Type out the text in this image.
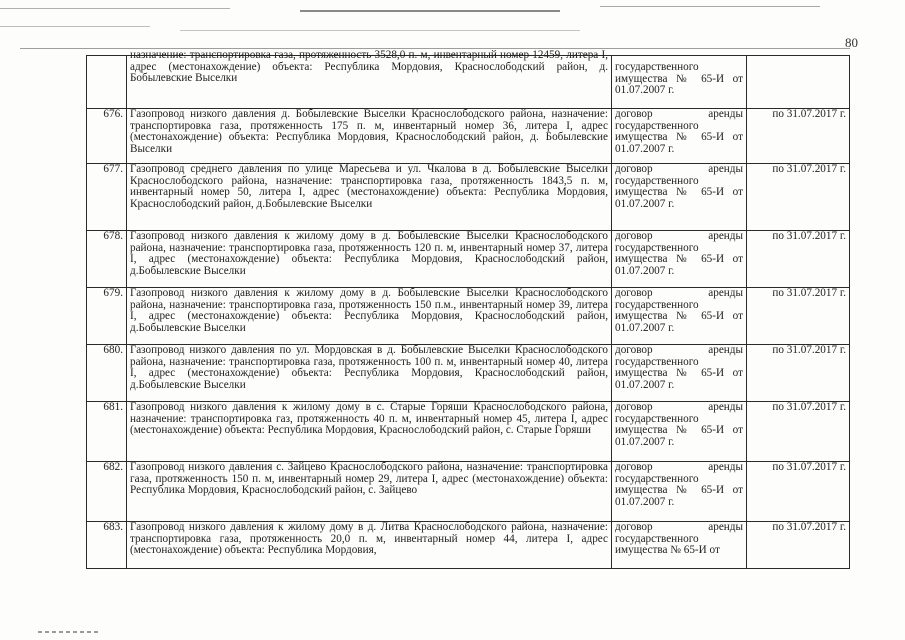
80

	назначение: транспортировка газа, протяженность 3528,0 п. м, инвентарный номер 12459, литера I, адрес (местонахождение) объекта: Республика Мордовия, Краснослободский район, д. Бобылевские Выселки	государственного имущества № 65-И от 01.07.2007 г.	

676.	Газопровод низкого давления д. Бобылевские Выселки Краснослободского района, назначение: транспортировка газа, протяженность 175 п. м, инвентарный номер 36, литера I, адрес (местонахождение) объекта: Республика Мордовия, Краснослободский район, д. Бобылевские Выселки	договор аренды государственного имущества № 65-И от 01.07.2007 г.	по 31.07.2017 г.
677.	Газопровод среднего давления по улице Маресьева и ул. Чкалова в д. Бобылевские Выселки Краснослободского района, назначение: транспортировка газа, протяженность 1843,5 п. м, инвентарный номер 50, литера I, адрес (местонахождение) объекта: Республика Мордовия, Краснослободский район, д.Бобылевские Выселки	договор аренды государственного имущества № 65-И от 01.07.2007 г.	по 31.07.2017 г.
678.	Газопровод низкого давления к жилому дому в д. Бобылевские Выселки Краснослободского района, назначение: транспортировка газа, протяженность 120 п. м, инвентарный номер 37, литера I, адрес (местонахождение) объекта: Республика Мордовия, Краснослободский район, д.Бобылевские Выселки	договор аренды государственного имущества № 65-И от 01.07.2007 г.	по 31.07.2017 г.
679.	Газопровод низкого давления к жилому дому в д. Бобылевские Выселки Краснослободского района, назначение: транспортировка газа, протяженность 150 п.м., инвентарный номер 39, литера I, адрес (местонахождение) объекта: Республика Мордовия, Краснослободский район, д.Бобылевские Выселки	договор аренды государственного имущества № 65-И от 01.07.2007 г.	по 31.07.2017 г.
680.	Газопровод низкого давления по ул. Мордовская в д. Бобылевские Выселки Краснослободского района, назначение: транспортировка газа, протяженность 100 п. м, инвентарный номер 40, литера I, адрес (местонахождение) объекта: Республика Мордовия, Краснослободский район, д.Бобылевские Выселки	договор аренды государственного имущества № 65-И от 01.07.2007 г.	по 31.07.2017 г.
681.	Газопровод низкого давления к жилому дому в с. Старые Горяши Краснослободского района, назначение: транспортировка газ, протяженность 40 п. м, инвентарный номер 45, литера I, адрес (местонахождение) объекта: Республика Мордовия, Краснослободский район, с. Старые Горяши	договор аренды государственного имущества № 65-И от 01.07.2007 г.	по 31.07.2017 г.
682.	Газопровод низкого давления с. Зайцево Краснослободского района, назначение: транспортировка газа, протяженность 150 п. м, инвентарный номер 29, литера I, адрес (местонахождение) объекта: Республика Мордовия, Краснослободский район, с. Зайцево	договор аренды государственного имущества № 65-И от 01.07.2007 г.	по 31.07.2017 г.
683.	Газопровод низкого давления к жилому дому в д. Литва Краснослободского района, назначение: транспортировка газа, протяженность 20,0 п. м, инвентарный номер 44, литера I, адрес (местонахождение) объекта: Республика Мордовия,	договор аренды государственного имущества № 65-И от	по 31.07.2017 г.
